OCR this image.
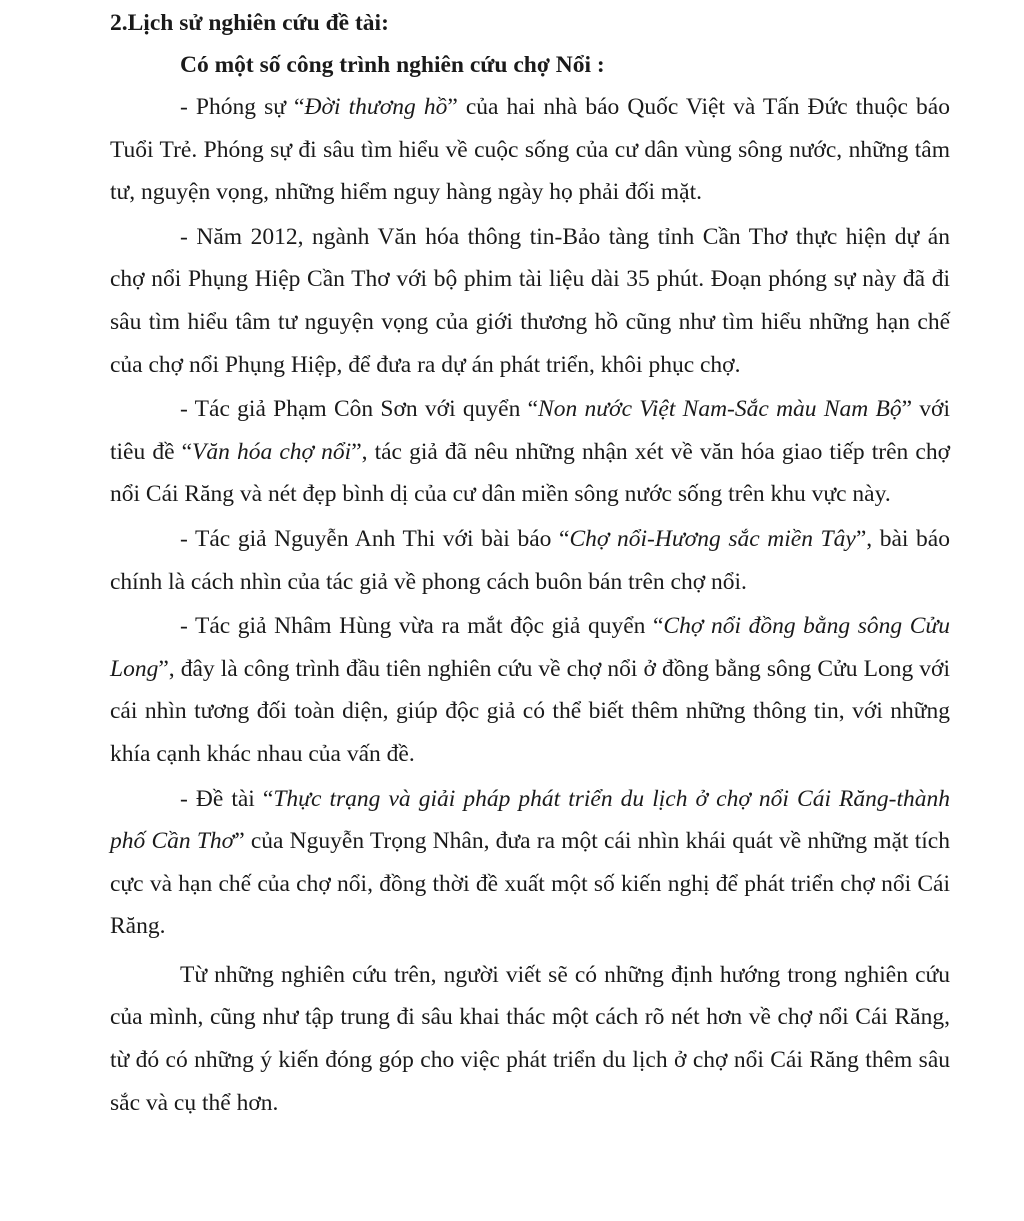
2.Lịch sử nghiên cứu đề tài:

Có một số công trình nghiên cứu chợ Nổi :

- Phóng sự “Đời thương hồ” của hai nhà báo Quốc Việt và Tấn Đức thuộc báo Tuổi Trẻ. Phóng sự đi sâu tìm hiểu về cuộc sống của cư dân vùng sông nước, những tâm tư, nguyện vọng, những hiểm nguy hàng ngày họ phải đối mặt.

- Năm 2012, ngành Văn hóa thông tin-Bảo tàng tỉnh Cần Thơ thực hiện dự án chợ nổi Phụng Hiệp Cần Thơ với bộ phim tài liệu dài 35 phút. Đoạn phóng sự này đã đi sâu tìm hiểu tâm tư nguyện vọng của giới thương hồ cũng như tìm hiểu những hạn chế của chợ nổi Phụng Hiệp, để đưa ra dự án phát triển, khôi phục chợ.

- Tác giả Phạm Côn Sơn với quyển “Non nước Việt Nam-Sắc màu Nam Bộ” với tiêu đề “Văn hóa chợ nổi”, tác giả đã nêu những nhận xét về văn hóa giao tiếp trên chợ nổi Cái Răng và nét đẹp bình dị của cư dân miền sông nước sống trên khu vực này.

- Tác giả Nguyễn Anh Thi với bài báo “Chợ nổi-Hương sắc miền Tây”, bài báo chính là cách nhìn của tác giả về phong cách buôn bán trên chợ nổi.

- Tác giả Nhâm Hùng vừa ra mắt độc giả quyển “Chợ nổi đồng bằng sông Cửu Long”, đây là công trình đầu tiên nghiên cứu về chợ nổi ở đồng bằng sông Cửu Long với cái nhìn tương đối toàn diện, giúp độc giả có thể biết thêm những thông tin, với những khía cạnh khác nhau của vấn đề.

- Đề tài “Thực trạng và giải pháp phát triển du lịch ở chợ nổi Cái Răng-thành phố Cần Thơ” của Nguyễn Trọng Nhân, đưa ra một cái nhìn khái quát về những mặt tích cực và hạn chế của chợ nổi, đồng thời đề xuất một số kiến nghị để phát triển chợ nổi Cái Răng.

Từ những nghiên cứu trên, người viết sẽ có những định hướng trong nghiên cứu của mình, cũng như tập trung đi sâu khai thác một cách rõ nét hơn về chợ nổi Cái Răng, từ đó có những ý kiến đóng góp cho việc phát triển du lịch ở chợ nổi Cái Răng thêm sâu sắc và cụ thể hơn.
